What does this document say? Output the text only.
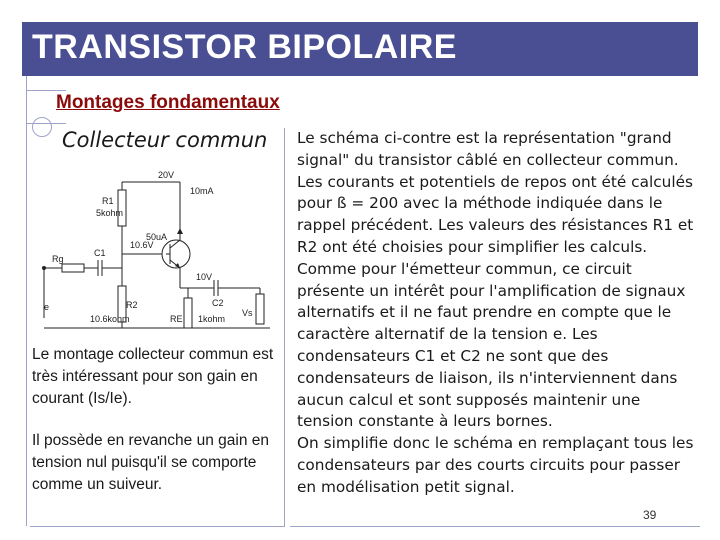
TRANSISTOR BIPOLAIRE
Montages fondamentaux
Collecteur commun
20V
10mA
R1
5kohm
10.6V
50uA
Rg
10V
C1
C2
R2
10.6kohm	RE 1kohm
Vs
e
Le montage collecteur commun est très intéressant pour son gain en courant (Is/Ie).
Il possède en revanche un gain en tension nul puisqu'il se comporte comme un suiveur.

Le schéma ci-contre est la représentation "grand signal" du transistor câblé en collecteur commun. Les courants et potentiels de repos ont été calculés pour ß = 200 avec la méthode indiquée dans le rappel précédent. Les valeurs des résistances R1 et R2 ont été choisies pour simplifier les calculs.

Comme pour l'émetteur commun, ce circuit présente un intérêt pour l'amplification de signaux alternatifs et il ne faut prendre en compte que le caractère alternatif de la tension e. Les condensateurs C1 et C2 ne sont que des condensateurs de liaison, ils n'interviennent dans aucun calcul et sont supposés maintenir une tension constante à leurs bornes.

On simplifie donc le schéma en remplaçant tous les condensateurs par des courts circuits pour passer en modélisation petit signal.

39
